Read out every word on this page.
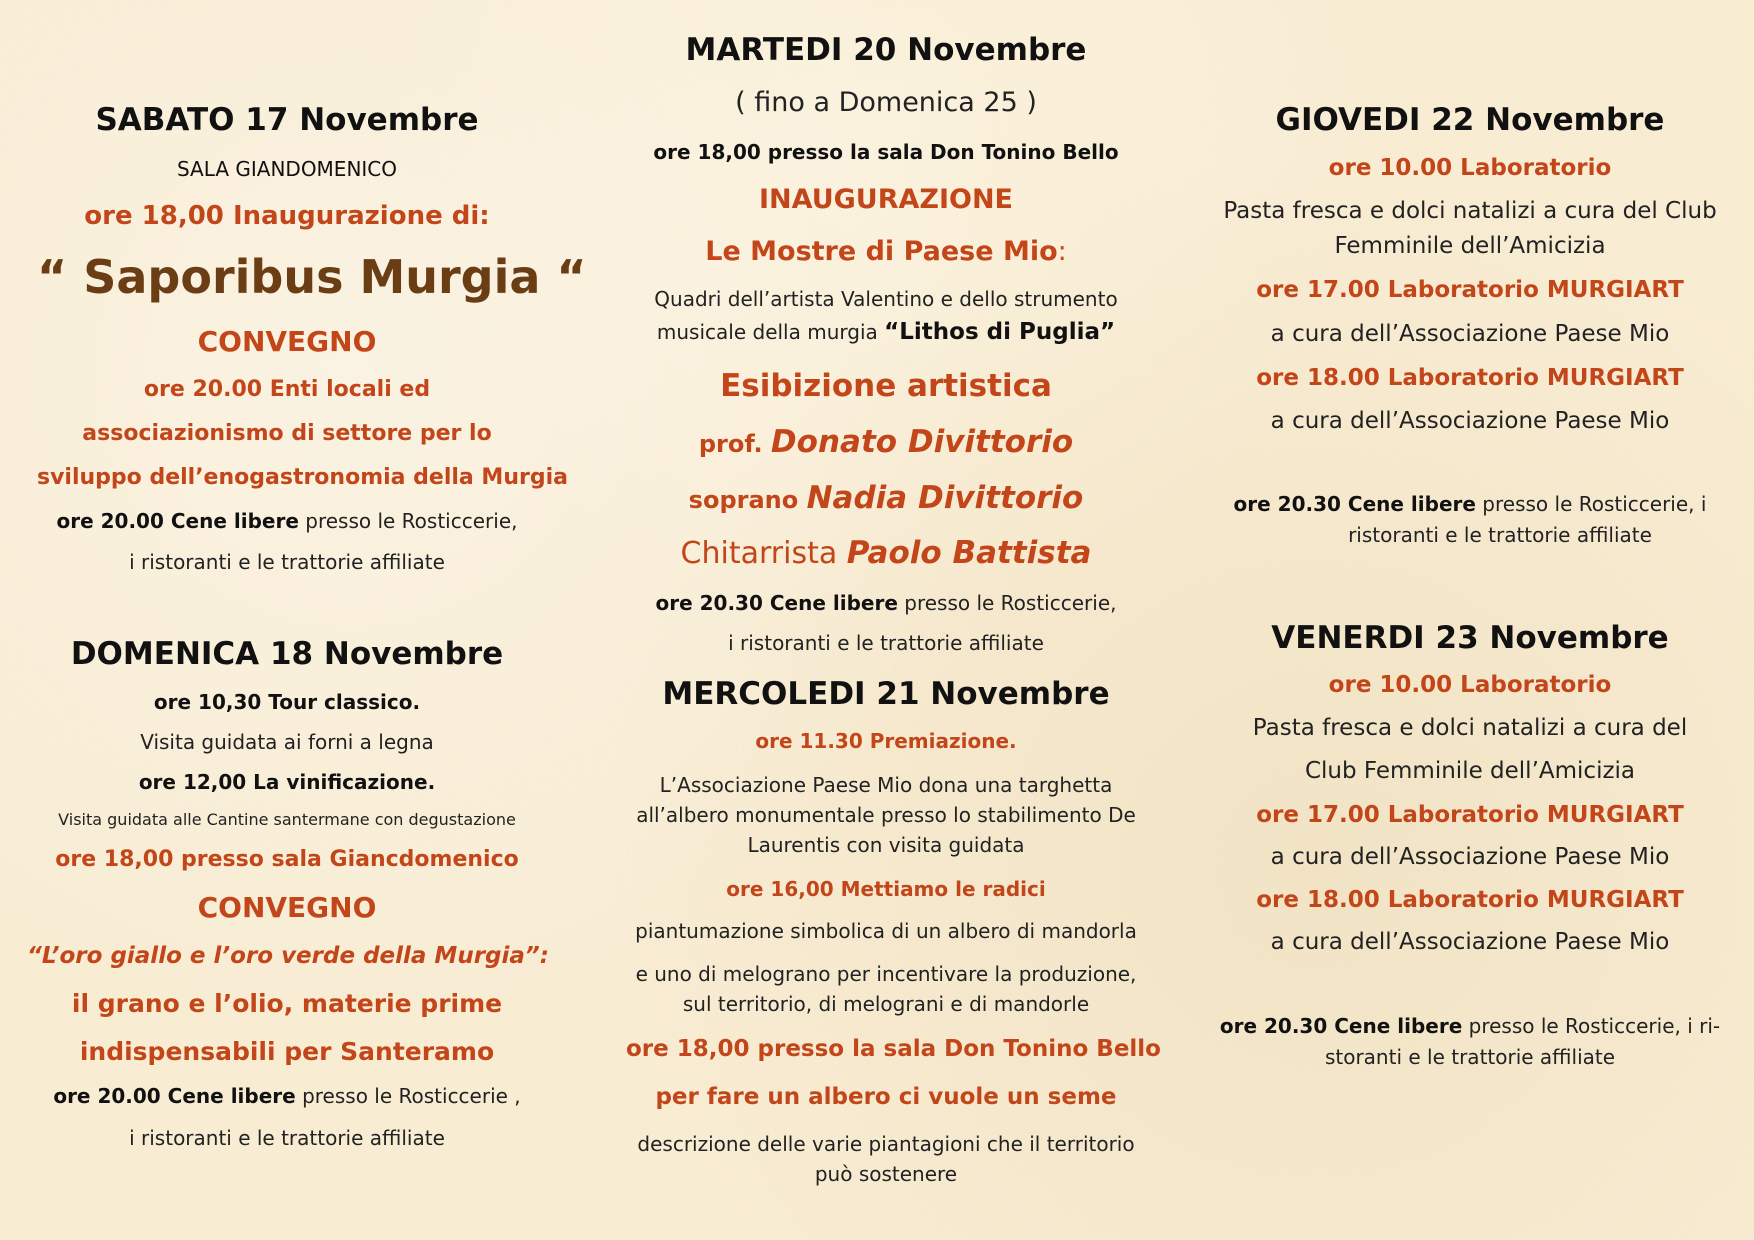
SABATO 17 Novembre
SALA GIANDOMENICO
ore 18,00 Inaugurazione di:
“ Saporibus Murgia “
CONVEGNO
ore 20.00 Enti locali ed
associazionismo di settore per lo
sviluppo dell’enogastronomia della Murgia
ore 20.00 Cene libere presso le Rosticcerie,
i ristoranti e le trattorie affiliate
DOMENICA 18 Novembre
ore 10,30 Tour classico.
Visita guidata ai forni a legna
ore 12,00 La vinificazione.
Visita guidata alle Cantine santermane con degustazione
ore 18,00 presso sala Giancdomenico
CONVEGNO
“L’oro giallo e l’oro verde della Murgia”:
il grano e l’olio, materie prime
indispensabili per Santeramo
ore 20.00 Cene libere presso le Rosticcerie ,
i ristoranti e le trattorie affiliate
MARTEDI 20 Novembre
( fino a Domenica 25 )
ore 18,00 presso la sala Don Tonino Bello
INAUGURAZIONE
Le Mostre di Paese Mio:
Quadri dell’artista Valentino e dello strumento
musicale della murgia “Lithos di Puglia”
Esibizione artistica
prof. Donato Divittorio
soprano Nadia Divittorio
Chitarrista Paolo Battista
ore 20.30 Cene libere presso le Rosticcerie,
i ristoranti e le trattorie affiliate
MERCOLEDI 21 Novembre
ore 11.30 Premiazione.
L’Associazione Paese Mio dona una targhetta
all’albero monumentale presso lo stabilimento De
Laurentis con visita guidata
ore 16,00 Mettiamo le radici
piantumazione simbolica di un albero di mandorla
e uno di melograno per incentivare la produzione,
sul territorio, di melograni e di mandorle
ore 18,00 presso la sala Don Tonino Bello
per fare un albero ci vuole un seme
descrizione delle varie piantagioni che il territorio
può sostenere
GIOVEDI 22 Novembre
ore 10.00 Laboratorio
Pasta fresca e dolci natalizi a cura del Club
Femminile dell’Amicizia
ore 17.00 Laboratorio MURGIART
a cura dell’Associazione Paese Mio
ore 18.00 Laboratorio MURGIART
a cura dell’Associazione Paese Mio
ore 20.30 Cene libere presso le Rosticcerie, i
ristoranti e le trattorie affiliate
VENERDI 23 Novembre
ore 10.00 Laboratorio
Pasta fresca e dolci natalizi a cura del
Club Femminile dell’Amicizia
ore 17.00 Laboratorio MURGIART
a cura dell’Associazione Paese Mio
ore 18.00 Laboratorio MURGIART
a cura dell’Associazione Paese Mio
ore 20.30 Cene libere presso le Rosticcerie, i ri-
storanti e le trattorie affiliate
